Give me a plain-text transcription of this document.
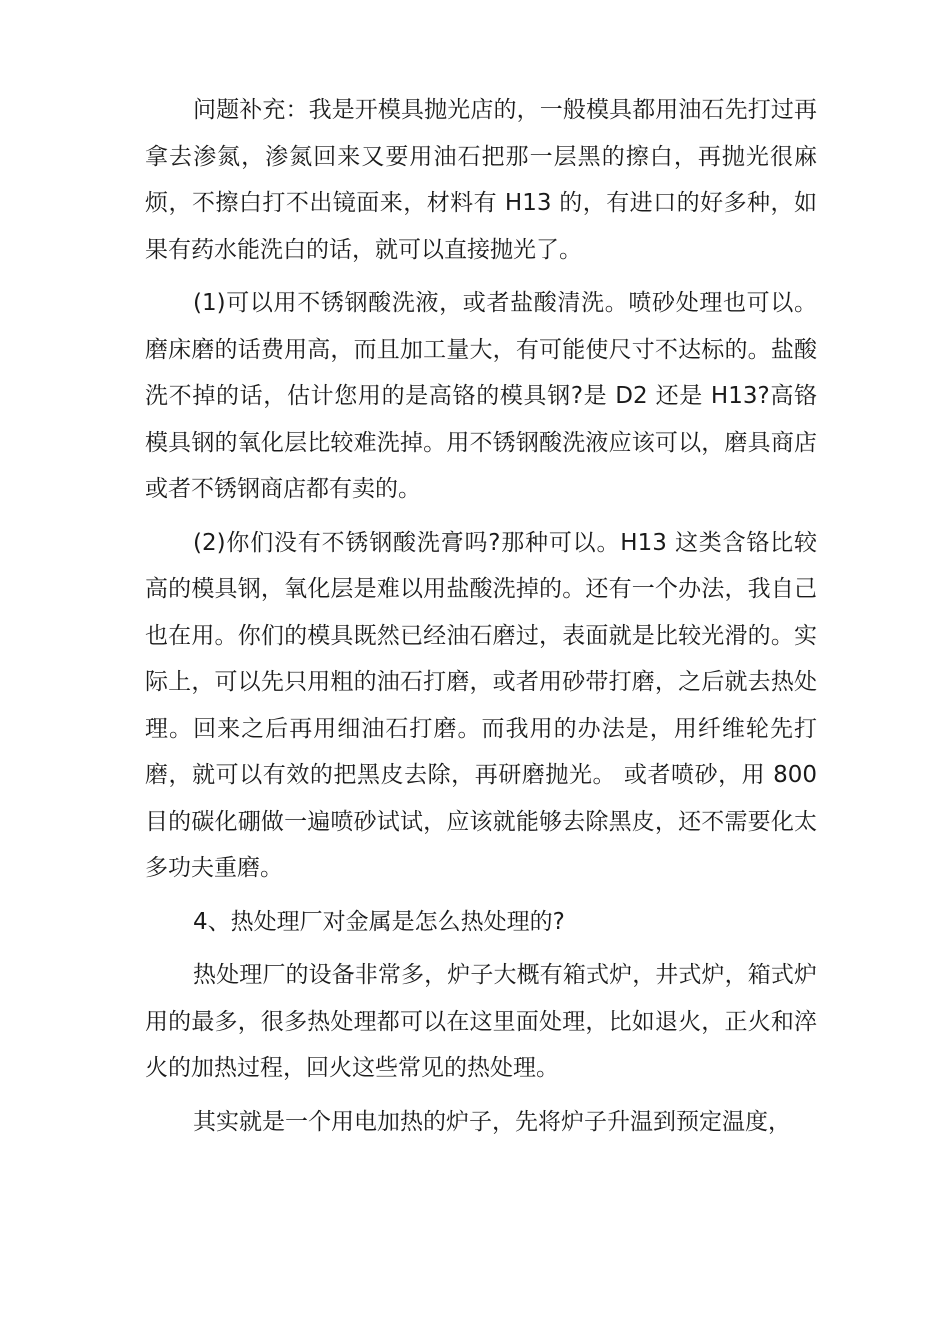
问题补充：我是开模具抛光店的，一般模具都用油石先打过再拿去渗氮，渗氮回来又要用油石把那一层黑的擦白，再抛光很麻烦，不擦白打不出镜面来，材料有 H13 的，有进口的好多种，如果有药水能洗白的话，就可以直接抛光了。

(1)可以用不锈钢酸洗液，或者盐酸清洗。喷砂处理也可以。磨床磨的话费用高，而且加工量大，有可能使尺寸不达标的。盐酸洗不掉的话，估计您用的是高铬的模具钢?是 D2 还是 H13?高铬模具钢的氧化层比较难洗掉。用不锈钢酸洗液应该可以，磨具商店或者不锈钢商店都有卖的。

(2)你们没有不锈钢酸洗膏吗?那种可以。H13 这类含铬比较高的模具钢，氧化层是难以用盐酸洗掉的。还有一个办法，我自己也在用。你们的模具既然已经油石磨过，表面就是比较光滑的。实际上，可以先只用粗的油石打磨，或者用砂带打磨，之后就去热处理。回来之后再用细油石打磨。而我用的办法是，用纤维轮先打磨，就可以有效的把黑皮去除，再研磨抛光。 或者喷砂，用 800 目的碳化硼做一遍喷砂试试，应该就能够去除黑皮，还不需要化太多功夫重磨。

4、热处理厂对金属是怎么热处理的?

热处理厂的设备非常多，炉子大概有箱式炉，井式炉，箱式炉用的最多，很多热处理都可以在这里面处理，比如退火，正火和淬火的加热过程，回火这些常见的热处理。

其实就是一个用电加热的炉子，先将炉子升温到预定温度，
